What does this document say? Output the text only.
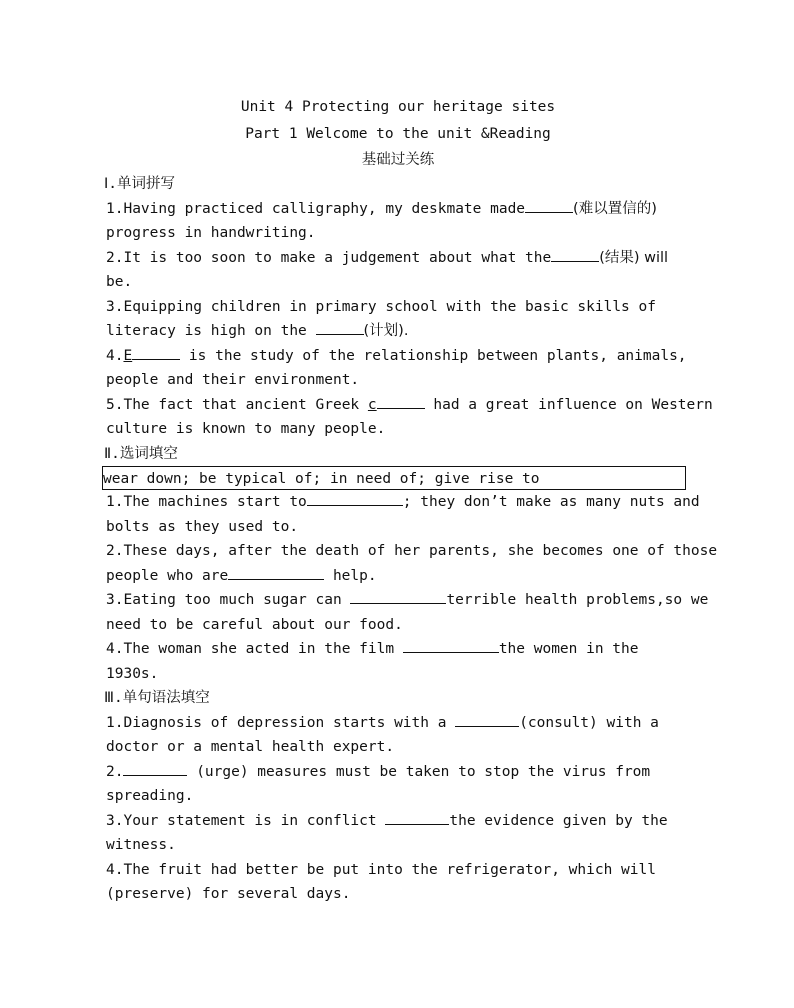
Unit 4 Protecting our heritage sites
Part 1 Welcome to the unit &Reading
基础过关练
Ⅰ.单词拼写
1.Having practiced calligraphy, my deskmate made	(难以置信的)
progress in handwriting.
2.It is too soon to make a judgement about what the	(结果) will
be.
3.Equipping children in primary school with the basic skills of
literacy is high on the	(计划).
4.E	is the study of the relationship between plants, animals,
people and their environment.
5.The fact that ancient Greek c	had a great influence on Western
culture is known to many people.
Ⅱ.选词填空
wear down; be typical of; in need of; give rise to
1.The machines start to	; they don’t make as many nuts and
bolts as they used to.
2.These days, after the death of her parents, she becomes one of those
people who are	help.
3.Eating too much sugar can	terrible health problems,so we
need to be careful about our food.
4.The woman she acted in the film	the women in the
1930s.
Ⅲ.单句语法填空
1.Diagnosis of depression starts with a	(consult) with a
doctor or a mental health expert.
2.	(urge) measures must be taken to stop the virus from
spreading.
3.Your statement is in conflict	the evidence given by the
witness.
4.The fruit had better be put into the refrigerator, which will
(preserve) for several days.
